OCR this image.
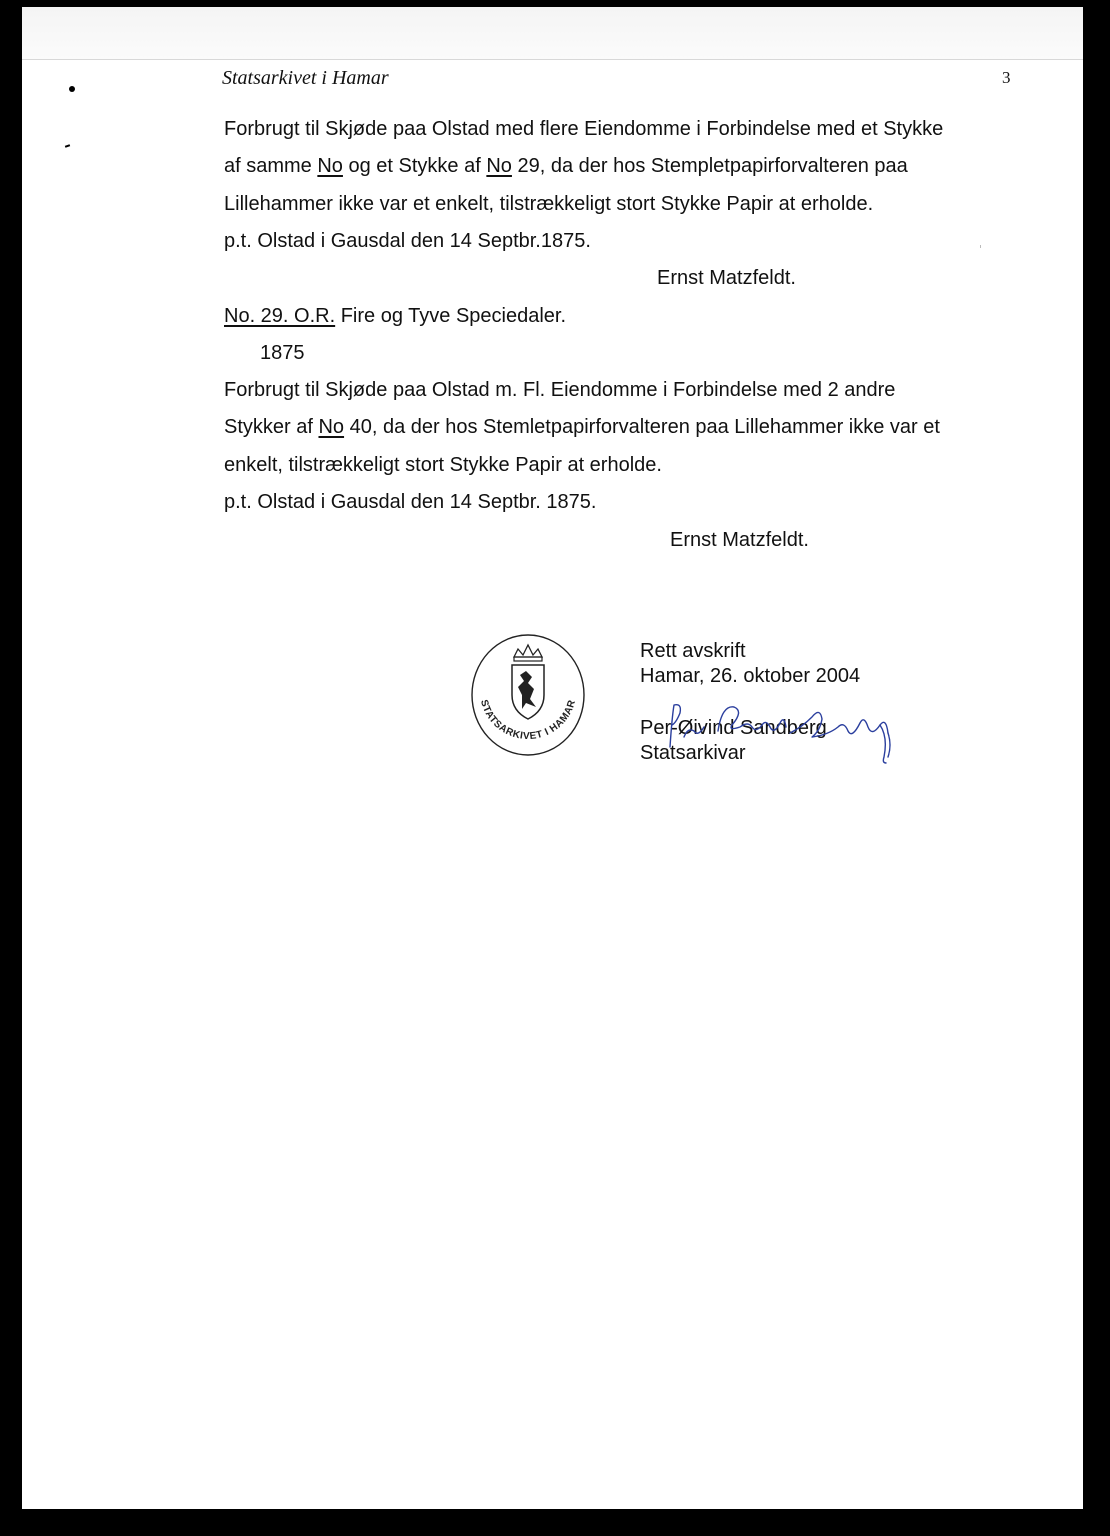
Statsarkivet i Hamar	3
Forbrugt til Skjøde paa Olstad med flere Eiendomme i Forbindelse med et Stykke
af samme No og et Stykke af No 29, da der hos Stempletpapirforvalteren paa
Lillehammer ikke var et enkelt, tilstrækkeligt stort Stykke Papir at erholde.
p.t. Olstad i Gausdal den 14 Septbr.1875.
Ernst Matzfeldt.
No. 29. O.R. Fire og Tyve Speciedaler.
1875
Forbrugt til Skjøde paa Olstad m. Fl. Eiendomme i Forbindelse med 2 andre
Stykker af No 40, da der hos Stemletpapirforvalteren paa Lillehammer ikke var et
enkelt, tilstrækkeligt stort Stykke Papir at erholde.
p.t. Olstad i Gausdal den 14 Septbr. 1875.
Ernst Matzfeldt.
STATSARKIVET I HAMAR
Rett avskrift
Hamar, 26. oktober 2004
Per-Øivind Sandberg
Statsarkivar
